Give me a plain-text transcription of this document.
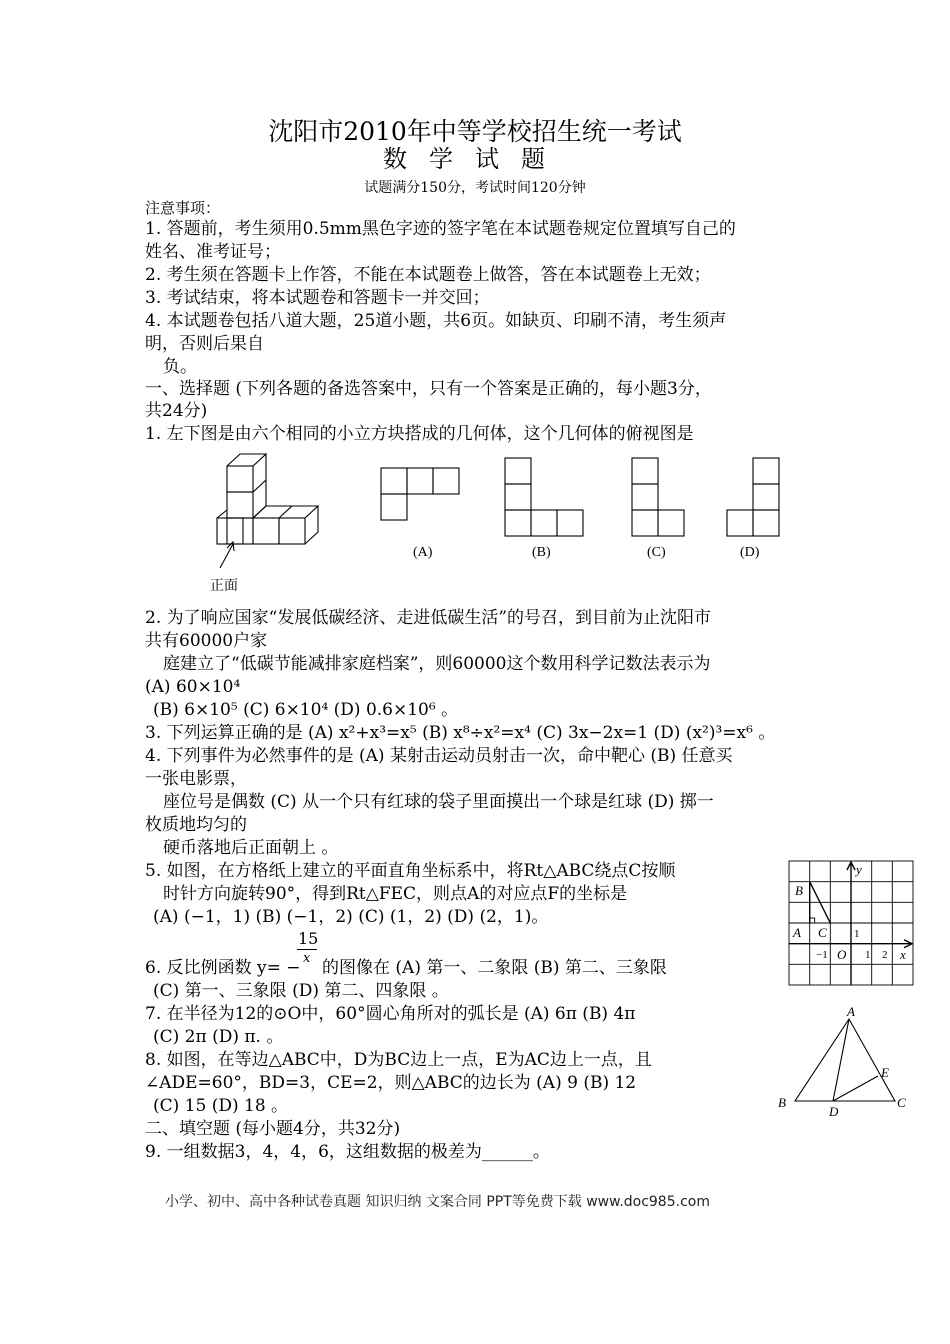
沈阳市2010年中等学校招生统一考试
数学试题
试题满分150分，考试时间120分钟
注意事项：
1. 答题前，考生须用0.5mm黑色字迹的签字笔在本试题卷规定位置填写自己的
姓名、准考证号；
2. 考生须在答题卡上作答，不能在本试题卷上做答，答在本试题卷上无效；
3. 考试结束，将本试题卷和答题卡一并交回；
4. 本试题卷包括八道大题，25道小题，共6页。如缺页、印刷不清，考生须声
明，否则后果自
负。
一、选择题 (下列各题的备选答案中，只有一个答案是正确的，每小题3分，
共24分)
1. 左下图是由六个相同的小立方块搭成的几何体，这个几何体的俯视图是
正面
(A)	(B)	(C)	(D)
2. 为了响应国家“发展低碳经济、走进低碳生活”的号召，到目前为止沈阳市
共有60000户家
庭建立了“低碳节能减排家庭档案”，则60000这个数用科学记数法表示为
(A) 60×10⁴
(B) 6×10⁵ (C) 6×10⁴ (D) 0.6×10⁶ 。
3. 下列运算正确的是 (A) x²+x³=x⁵ (B) x⁸÷x²=x⁴ (C) 3x−2x=1 (D) (x²)³=x⁶ 。
4. 下列事件为必然事件的是 (A) 某射击运动员射击一次，命中靶心 (B) 任意买
一张电影票，
座位号是偶数 (C) 从一个只有红球的袋子里面摸出一个球是红球 (D) 掷一
枚质地均匀的
硬币落地后正面朝上 。
5. 如图，在方格纸上建立的平面直角坐标系中，将Rt△ABC绕点C按顺
时针方向旋转90°，得到Rt△FEC，则点A的对应点F的坐标是
(A) (−1，1) (B) (−1，2) (C) (1，2) (D) (2，1)。
y
x
B
A C
O
1
−1	1 2
15
x
6. 反比例函数 y= − 的图像在 (A) 第一、二象限 (B) 第二、三象限
(C) 第一、三象限 (D) 第二、四象限 。
7. 在半径为12的⊙O中，60°圆心角所对的弧长是 (A) 6π (B) 4π
(C) 2π (D) π. 。
8. 如图，在等边△ABC中，D为BC边上一点，E为AC边上一点，且
∠ADE=60°，BD=3，CE=2，则△ABC的边长为 (A) 9 (B) 12
(C) 15 (D) 18 。
A
B	C
D
E
二、填空题 (每小题4分，共32分)
9. 一组数据3，4，4，6，这组数据的极差为______。
小学、初中、高中各种试卷真题 知识归纳 文案合同 PPT等免费下载 www.doc985.com
